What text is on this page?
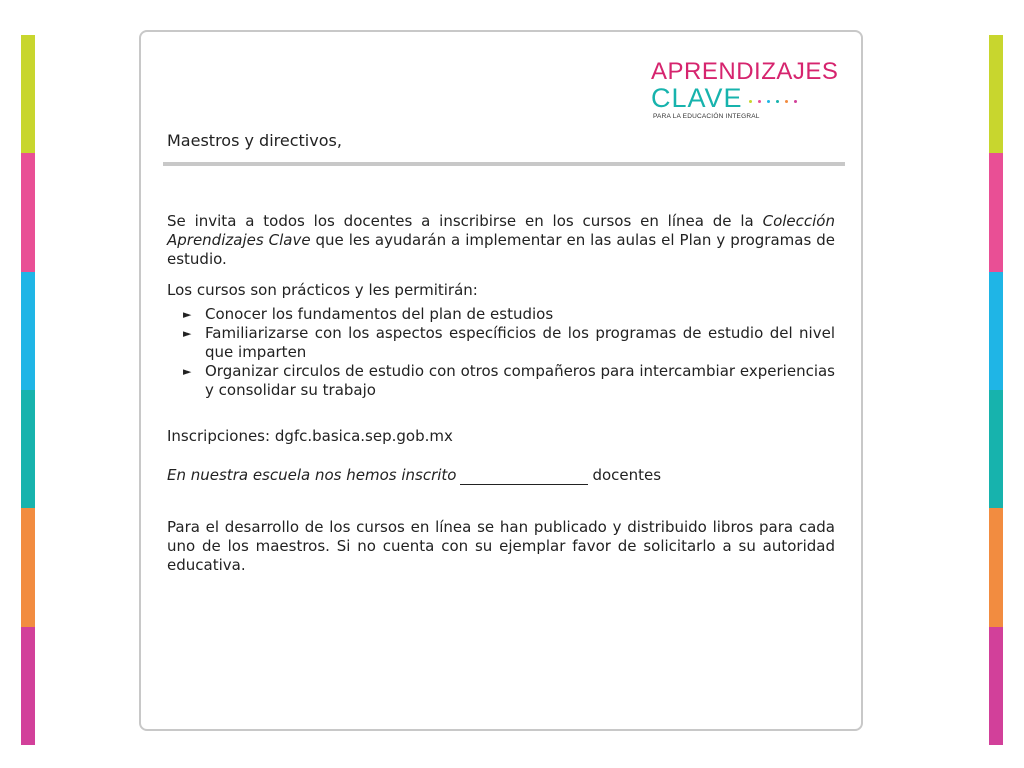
APRENDIZAJES
CLAVE
PARA LA EDUCACIÓN INTEGRAL
Maestros y directivos,

Se invita a todos los docentes a inscribirse en los cursos en línea de la Colección Aprendizajes Clave que les ayudarán a implementar en las aulas el Plan y programas de estudio.

Los cursos son prácticos y les permitirán:

► Conocer los fundamentos del plan de estudios
► Familiarizarse con los aspectos específicios de los programas de estudio del nivel que imparten
► Organizar circulos de estudio con otros compañeros para intercambiar experiencias y consolidar su trabajo

Inscripciones: dgfc.basica.sep.gob.mx

En nuestra escuela nos hemos inscrito	docentes

Para el desarrollo de los cursos en línea se han publicado y distribuido libros para cada uno de los maestros. Si no cuenta con su ejemplar favor de solicitarlo a su autoridad educativa.
